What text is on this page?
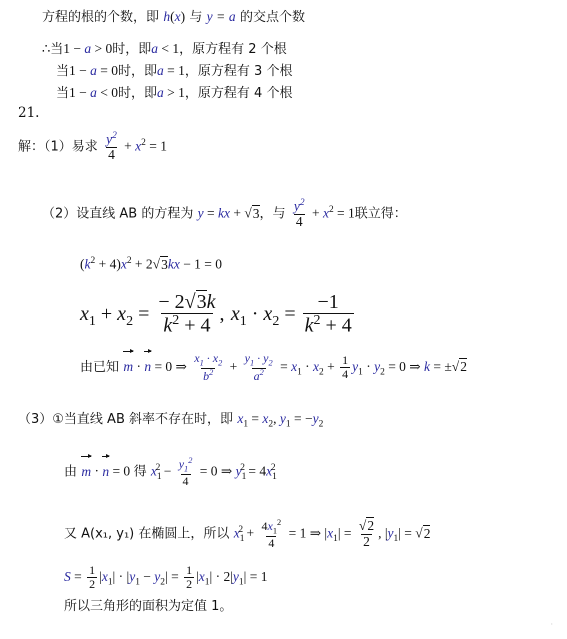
方程的根的个数，即 h(x) 与 y = a 的交点个数
∴当1 − a > 0时，即a < 1，原方程有 2 个根
当1 − a = 0时，即a = 1，原方程有 3 个根
当1 − a < 0时，即a > 1，原方程有 4 个根
21.
解：（1）易求 $\frac{y^2}{4} + x^2 = 1$
（2）设直线 AB 的方程为 y = kx + √3，与 $\frac{y^2}{4} + x^2 = 1$联立得：
$(k^2 + 4)x^2 + 2√3kx - 1 = 0$
$x_1 + x_2 = \frac{- 2√3k}{k^2 + 4}$ , $x_1 \cdot x_2 = \frac{-1}{k^2 + 4}$
由已知 m · n = 0 ⇒ $\frac{x_1 \cdot x_2}{b^2} + \frac{y_1 \cdot y_2}{a^2} = x_1 \cdot x_2 + \frac{1}{4} y_1 \cdot y_2 = 0$ ⇒ k = ±√2
（3）①当直线 AB 斜率不存在时，即 $x_1 = x_2$, $y_1 = -y_2$
由 m · n = 0 得 $x_1^2 - \frac{y_1^2}{4} = 0$ ⇒ $y_1^2 = 4x_1^2$
又 A(x₁, y₁) 在椭圆上，所以 $x_1^2 + \frac{4x_1^2}{4} = 1$ ⇒ $|x_1| = \frac{√2}{2}$ , $|y_1| = √2$
$S = \frac{1}{2} |x_1| \cdot |y_1 - y_2| = \frac{1}{2} |x_1| \cdot 2|y_1| = 1$
所以三角形的面积为定值 1。
·
